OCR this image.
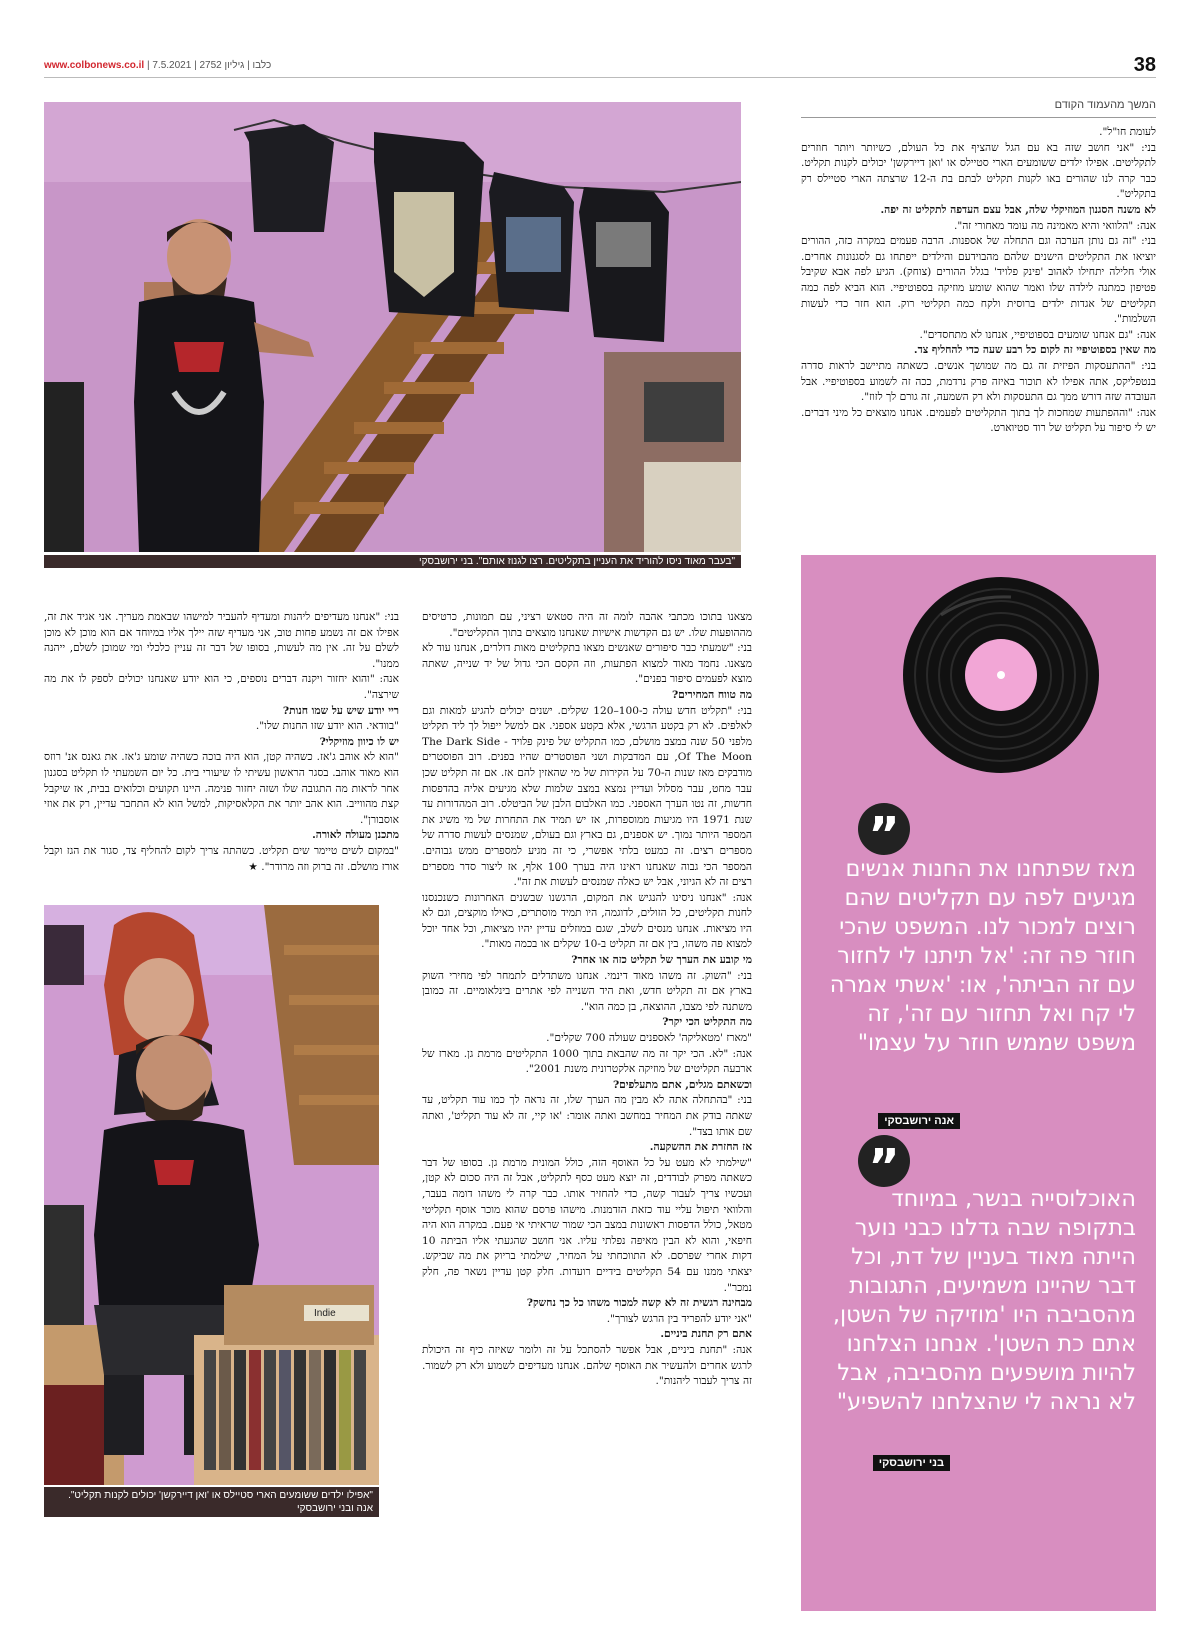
www.colbonews.co.il | כלבו | גיליון 2752 | 7.5.2021	38
המשך מהעמוד הקודם

לעומת חו"ל".

בני: "אני חושב שזה בא עם הגל שהציף את כל העולם, כשיותר ויותר חוזרים לתקליטים. אפילו ילדים ששומעים הארי סטיילס או 'ואן דיירקשן' יכולים לקנות תקליט. כבר קרה לנו שהורים באו לקנות תקליט לבתם בת ה-12 שרצתה הארי סטיילס רק בתקליט".

לא משנה הסגנון המוזיקלי שלה, אבל עצם העדפה לתקליט זה יפה.

אנה: "הלוואי והיא מאמינה מה עומד מאחורי זה".

בני: "זה גם נותן הערכה וגם התחלה של אספנות. הרבה פעמים במקרה כזה, ההורים יוציאו את התקליטים הישנים שלהם מהבוידעם והילדים ייפתחו גם לסגנונות אחרים. אולי חלילה יתחילו לאהוב 'פינק פלויד' בגלל ההורים (צוחק). הגיע לפה אבא שקיבל פטיפון כמתנה לילדה שלו ואמר שהוא שומע מוזיקה בספוטיפיי. הוא הביא לפה כמה תקליטים של אגדות ילדים ברוסית ולקח כמה תקליטי רוק. הוא חזר כדי לעשות השלמות".

אנה: "גם אנחנו שומעים בספוטיפיי, אנחנו לא מתחסדים".

מה שאין בספוטיפיי זה לקום כל רבע שעה כדי להחליף צד.

בני: "ההתעסקות הפיזית זה גם מה שמושך אנשים. כשאתה מתיישב לראות סדרה בנטפליקס, אתה אפילו לא תוכור באיזה פרק נרדמת, ככה זה לשמוע בספוטיפיי. אבל העובדה שזה דורש ממך גם התעסקות ולא רק השמעה, זה גורם לך לזוז".

אנה: "וההפתעות שמחכות לך בתוך התקליטים לפעמים. אנחנו מוצאים כל מיני דברים. יש לי סיפור על תקליט של רוד סטיוארט.

"בעבר מאוד ניסו להוריד את העניין בתקליטים. רצו לגנוז אותם". בני ירושבסקי

מצאנו בתוכו מכתבי אהבה לומה זה היה סטאש רציני, עם תמונות, כרטיסים מההופעות שלו. יש גם הקדשות אישיות שאנחנו מוצאים בתוך התקליטים".

בני: "שמעתי כבר סיפורים שאנשים מצאו בתקליטים מאות דולרים, אנחנו עוד לא מצאנו. נחמד מאוד למצוא הפתעות, וזה הקסם הכי גדול של יד שנייה, שאתה מוצא לפעמים סיפור בפנים".

מה טווח המחירים?

בני: "תקליט חדש עולה כ-100–120 שקלים. ישנים יכולים להגיע למאות וגם לאלפים. לא רק בקטע הרגשי, אלא בקטע אספני. אם למשל ייפול לך ליד תקליט מלפני 50 שנה במצב מושלם, כמו התקליט של פינק פלויד - The Dark Side Of The Moon, עם המדבקות ושני הפוסטרים שהיו בפנים. רוב הפוסטרים מודבקים מאז שנות ה-70 על הקירות של מי שהאזין להם אז. אם זה תקליט שכן עבר מחט, עבר מסלול ועדיין נמצא במצב שלמות שלא מגיעים אליה בהדפסות חדשות, זה נטו הערך האספני. כמו האלבום הלבן של הביטלס. רוב המהדורות עד שנת 1971 היו מגיעות ממוספרות, אז יש תמיד את התחרות של מי משיג את המספר היותר נמוך. יש אספנים, גם בארץ וגם בעולם, שמנסים לעשות סדרה של מספרים רצים. זה כמעט בלתי אפשרי, כי זה מגיע למספרים ממש גבוהים. המספר הכי גבוה שאנחנו ראינו היה בערך 100 אלף, אז ליצור סדר מספרים רצים זה לא הגיוני, אבל יש כאלה שמנסים לעשות את זה".

אנה: "אנחנו ניסינו להנגיש את המקום, הרגשנו שבשנים האחרונות כשנכנסנו לחנות תקליטים, כל הזולים, לדוגמה, היו תמיד מוסתרים, כאילו מוקצים, וגם לא היו מציאות. אנחנו מנסים לשלב, שגם במוזלים עדיין יהיו מציאות, וכל אחד יוכל למצוא פה משהו, בין אם זה תקליט ב-10 שקלים או בכמה מאות".

מי קובע את הערך של תקליט כזה או אחר?

בני: "השוק. זה משהו מאוד דינמי. אנחנו משתדלים לתמחר לפי מחירי השוק בארץ אם זה תקליט חדש, ואת היד השנייה לפי אתרים בינלאומיים. זה כמובן משתנה לפי מצבו, ההוצאה, בן כמה הוא".

מה התקליט הכי יקר?

"מארז 'מטאליקה' לאספנים שעולה 700 שקלים".

אנה: "לא. הכי יקר זה מה שהבאת בתוך 1000 התקליטים מרמת גן. מארז של ארבעה תקליטים של מוזיקה אלקטרונית משנת 2001".

וכשאתם מגלים, אתם מתעלפים?

בני: "בהתחלה אתה לא מבין מה הערך שלו, זה נראה לך כמו עוד תקליט, עד שאתה בודק את המחיר במחשב ואתה אומר: 'או קיי, זה לא עוד תקליט', ואתה שם אותו בצד".

אז החזרת את ההשקעה.

"שילמתי לא מעט על כל האוסף הזה, כולל המונית מרמת גן. בסופו של דבר כשאתה מפרק לבודדים, זה יוצא מעט כסף לתקליט, אבל זה היה סכום לא קטן, ועכשיו צריך לעבור קשה, כדי להחזיר אותו. כבר קרה לי משהו דומה בעבר, והלוואי תיפול עליי עוד כזאת הזדמנות. מישהו פרסם שהוא מוכר אוסף תקליטי מטאל, כולל הדפסות ראשונות במצב הכי שמור שראיתי אי פעם. במקרה הוא היה חיפאי, והוא לא הבין מאיפה נפלתי עליו. אני חושב שהגעתי אליו הביתה 10 דקות אחרי שפרסם. לא התווכחתי על המחיר, שילמתי בריוק את מה שביקש. יצאתי ממנו עם 54 תקליטים בידיים רועדות. חלק קטן עדיין נשאר פה, חלק נמכר".

מבחינה רגשית זה לא קשה למכור משהו כל כך נחשק?

"אני יודע להפריד בין הרגש לצורך".

אתם רק תחנת ביניים.

אנה: "תחנת ביניים, אבל אפשר להסתכל על זה ולומר שאיזה כיף זה היכולת לרגש אחרים ולהעשיר את האוסף שלהם. אנחנו מעדיפים לשמוע ולא רק לשמור. זה צריך לעבור ליהנות".

בני: "אנחנו מעדיפים ליהנות ומעדיף להעביר למישהו שבאמת מעריך. אני אגיד את זה, אפילו אם זה נשמע פחות טוב, אני מעדיף שזה יילך אליו במיוחד אם הוא מוכן לא מוכן לשלם על זה. אין מה לעשות, בסופו של דבר זה עניין כלכלי ומי שמוכן לשלם, ייהנה ממנו".

אנה: "והוא יחזור ויקנה דברים נוספים, כי הוא יודע שאנחנו יכולים לספק לו את מה שירצה".

ריי יודע שיש על שמו חנות?

"בוודאי. הוא יודע שזו החנות שלו".

יש לו כיוון מוזיקלי?

"הוא לא אוהב ג'אז. כשהיה קטן, הוא היה בוכה כשהיה שומע ג'אז. את גאנס אנ' רוזס הוא מאוד אוהב. בסגר הראשון עשיתי לו שיעורי בית. כל יום השמעתי לו תקליט בסגנון אחר לראות מה התגובה שלו ושזה יחזור פנימה. היינו תקועים וכלואים בבית, אז שיקבל קצת מהווייב. הוא אהב יותר את הקלאסיקות, למשל הוא לא התחבר עדיין, רק את אוזי אוסבורן".

מתכנן מעולה לאורה.

"במקום לשים טיימר שים תקליט. כשהתה צריך לקום להחליף צד, סגור את הגז וקבל אורז מושלם. זה ברוק וזה מרודר". ★

Indie
"אפילו ילדים ששומעים הארי סטיילס או 'ואן דיירקשן' יכולים לקנות תקליט". אנה ובני ירושבסקי
”
מאז שפתחנו את החנות אנשים מגיעים לפה עם תקליטים שהם רוצים למכור לנו. המשפט שהכי חוזר פה זה: 'אל תיתנו לי לחזור עם זה הביתה', או: 'אשתי אמרה לי קח ואל תחזור עם זה', זה משפט שממש חוזר על עצמו"
אנה ירושבסקי
”
האוכלוסייה בנשר, במיוחד בתקופה שבה גדלנו כבני נוער הייתה מאוד בעניין של דת, וכל דבר שהיינו משמיעים, התגובות מהסביבה היו 'מוזיקה של השטן, אתם כת השטן'. אנחנו הצלחנו להיות מושפעים מהסביבה, אבל לא נראה לי שהצלחנו להשפיע"
בני ירושבסקי
